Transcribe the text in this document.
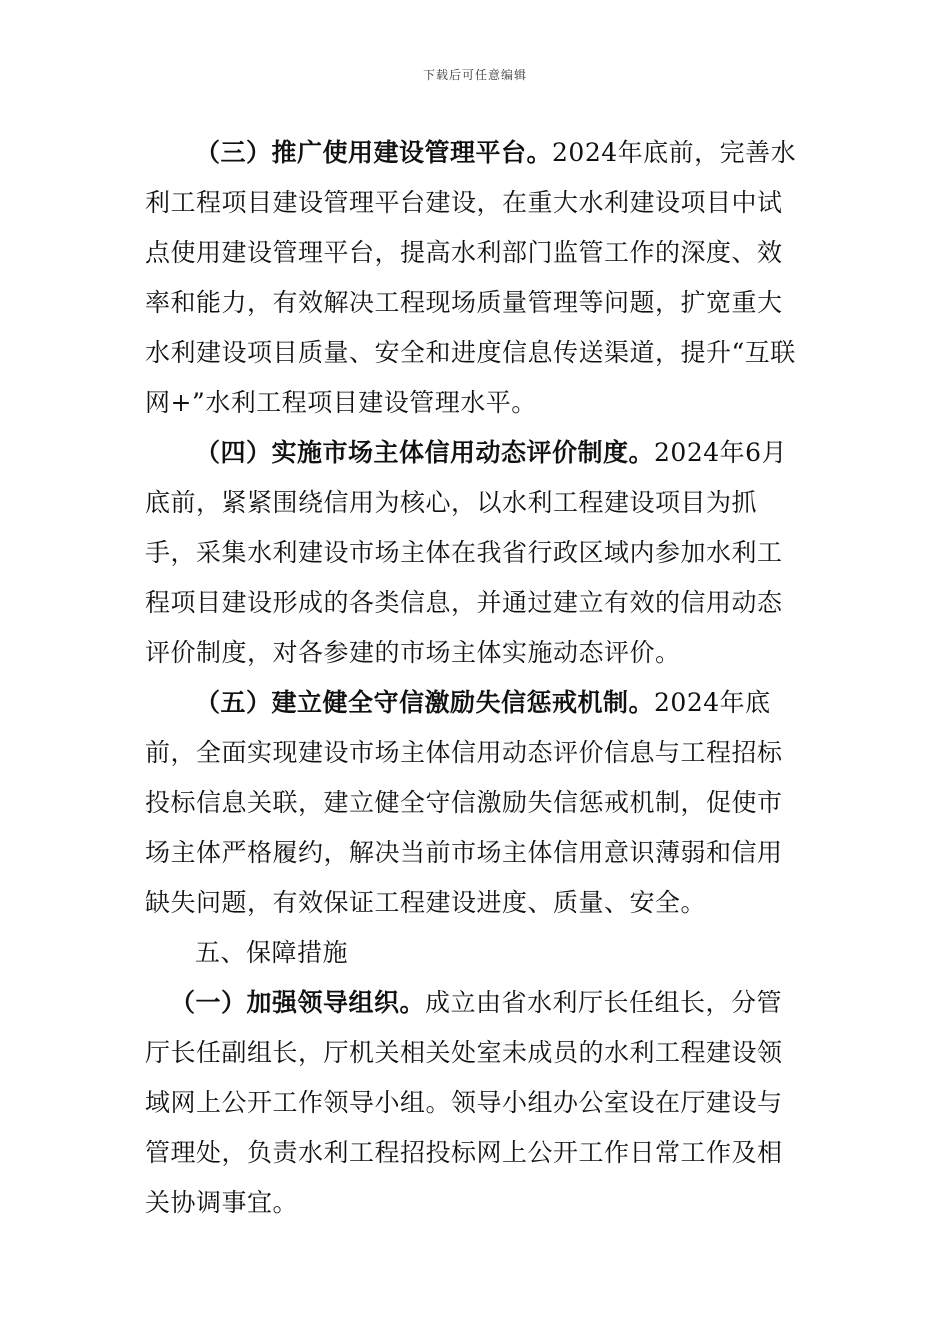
下载后可任意编辑

（三）推广使用建设管理平台。2024年底前，完善水利工程项目建设管理平台建设，在重大水利建设项目中试点使用建设管理平台，提高水利部门监管工作的深度、效率和能力，有效解决工程现场质量管理等问题，扩宽重大水利建设项目质量、安全和进度信息传送渠道，提升“互联网+”水利工程项目建设管理水平。

（四）实施市场主体信用动态评价制度。2024年6月底前，紧紧围绕信用为核心，以水利工程建设项目为抓手，采集水利建设市场主体在我省行政区域内参加水利工程项目建设形成的各类信息，并通过建立有效的信用动态评价制度，对各参建的市场主体实施动态评价。

（五）建立健全守信激励失信惩戒机制。2024年底前，全面实现建设市场主体信用动态评价信息与工程招标投标信息关联，建立健全守信激励失信惩戒机制，促使市场主体严格履约，解决当前市场主体信用意识薄弱和信用缺失问题，有效保证工程建设进度、质量、安全。

五、保障措施

（一）加强领导组织。成立由省水利厅长任组长，分管厅长任副组长，厅机关相关处室未成员的水利工程建设领域网上公开工作领导小组。领导小组办公室设在厅建设与管理处，负责水利工程招投标网上公开工作日常工作及相关协调事宜。
